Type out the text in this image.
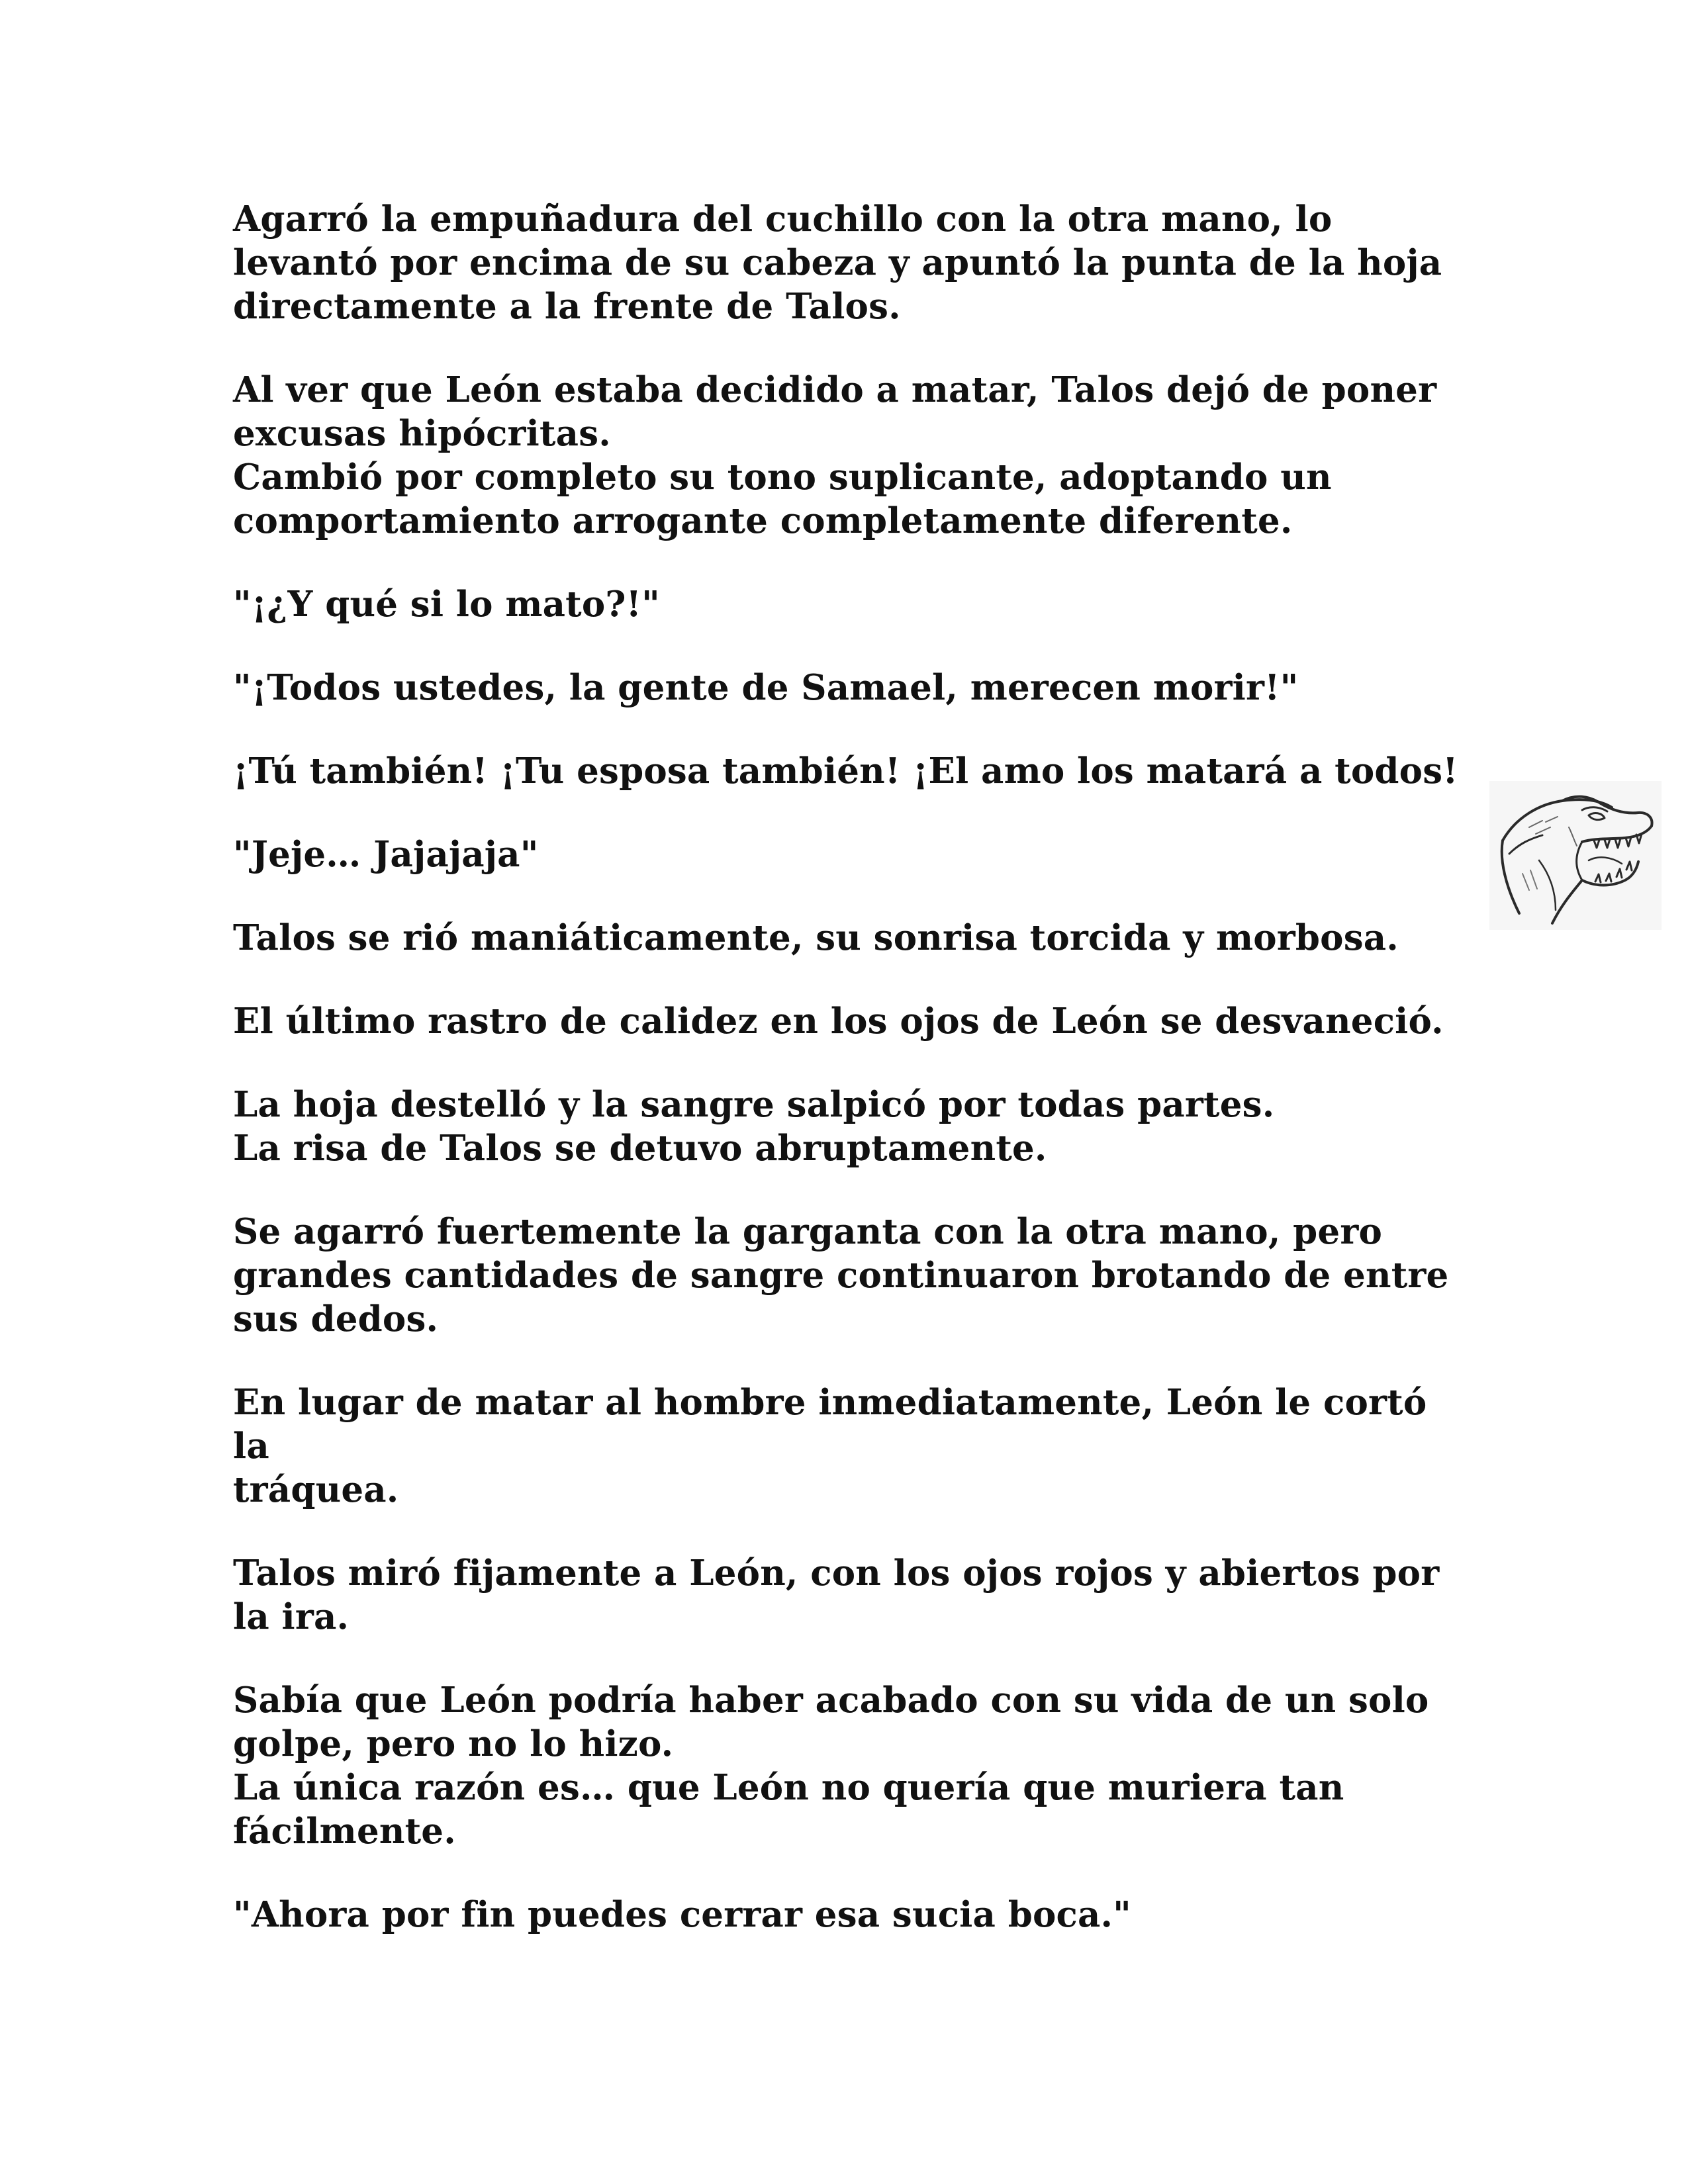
Agarró la empuñadura del cuchillo con la otra mano, lo
levantó por encima de su cabeza y apuntó la punta de la hoja
directamente a la frente de Talos.

Al ver que León estaba decidido a matar, Talos dejó de poner
excusas hipócritas.
Cambió por completo su tono suplicante, adoptando un
comportamiento arrogante completamente diferente.

"¡¿Y qué si lo mato?!"

"¡Todos ustedes, la gente de Samael, merecen morir!"

¡Tú también! ¡Tu esposa también! ¡El amo los matará a todos!

"Jeje… Jajajaja"

Talos se rió maniáticamente, su sonrisa torcida y morbosa.

El último rastro de calidez en los ojos de León se desvaneció.

La hoja destelló y la sangre salpicó por todas partes.
La risa de Talos se detuvo abruptamente.

Se agarró fuertemente la garganta con la otra mano, pero
grandes cantidades de sangre continuaron brotando de entre
sus dedos.

En lugar de matar al hombre inmediatamente, León le cortó la
tráquea.

Talos miró fijamente a León, con los ojos rojos y abiertos por
la ira.

Sabía que León podría haber acabado con su vida de un solo
golpe, pero no lo hizo.
La única razón es… que León no quería que muriera tan
fácilmente.

"Ahora por fin puedes cerrar esa sucia boca."
